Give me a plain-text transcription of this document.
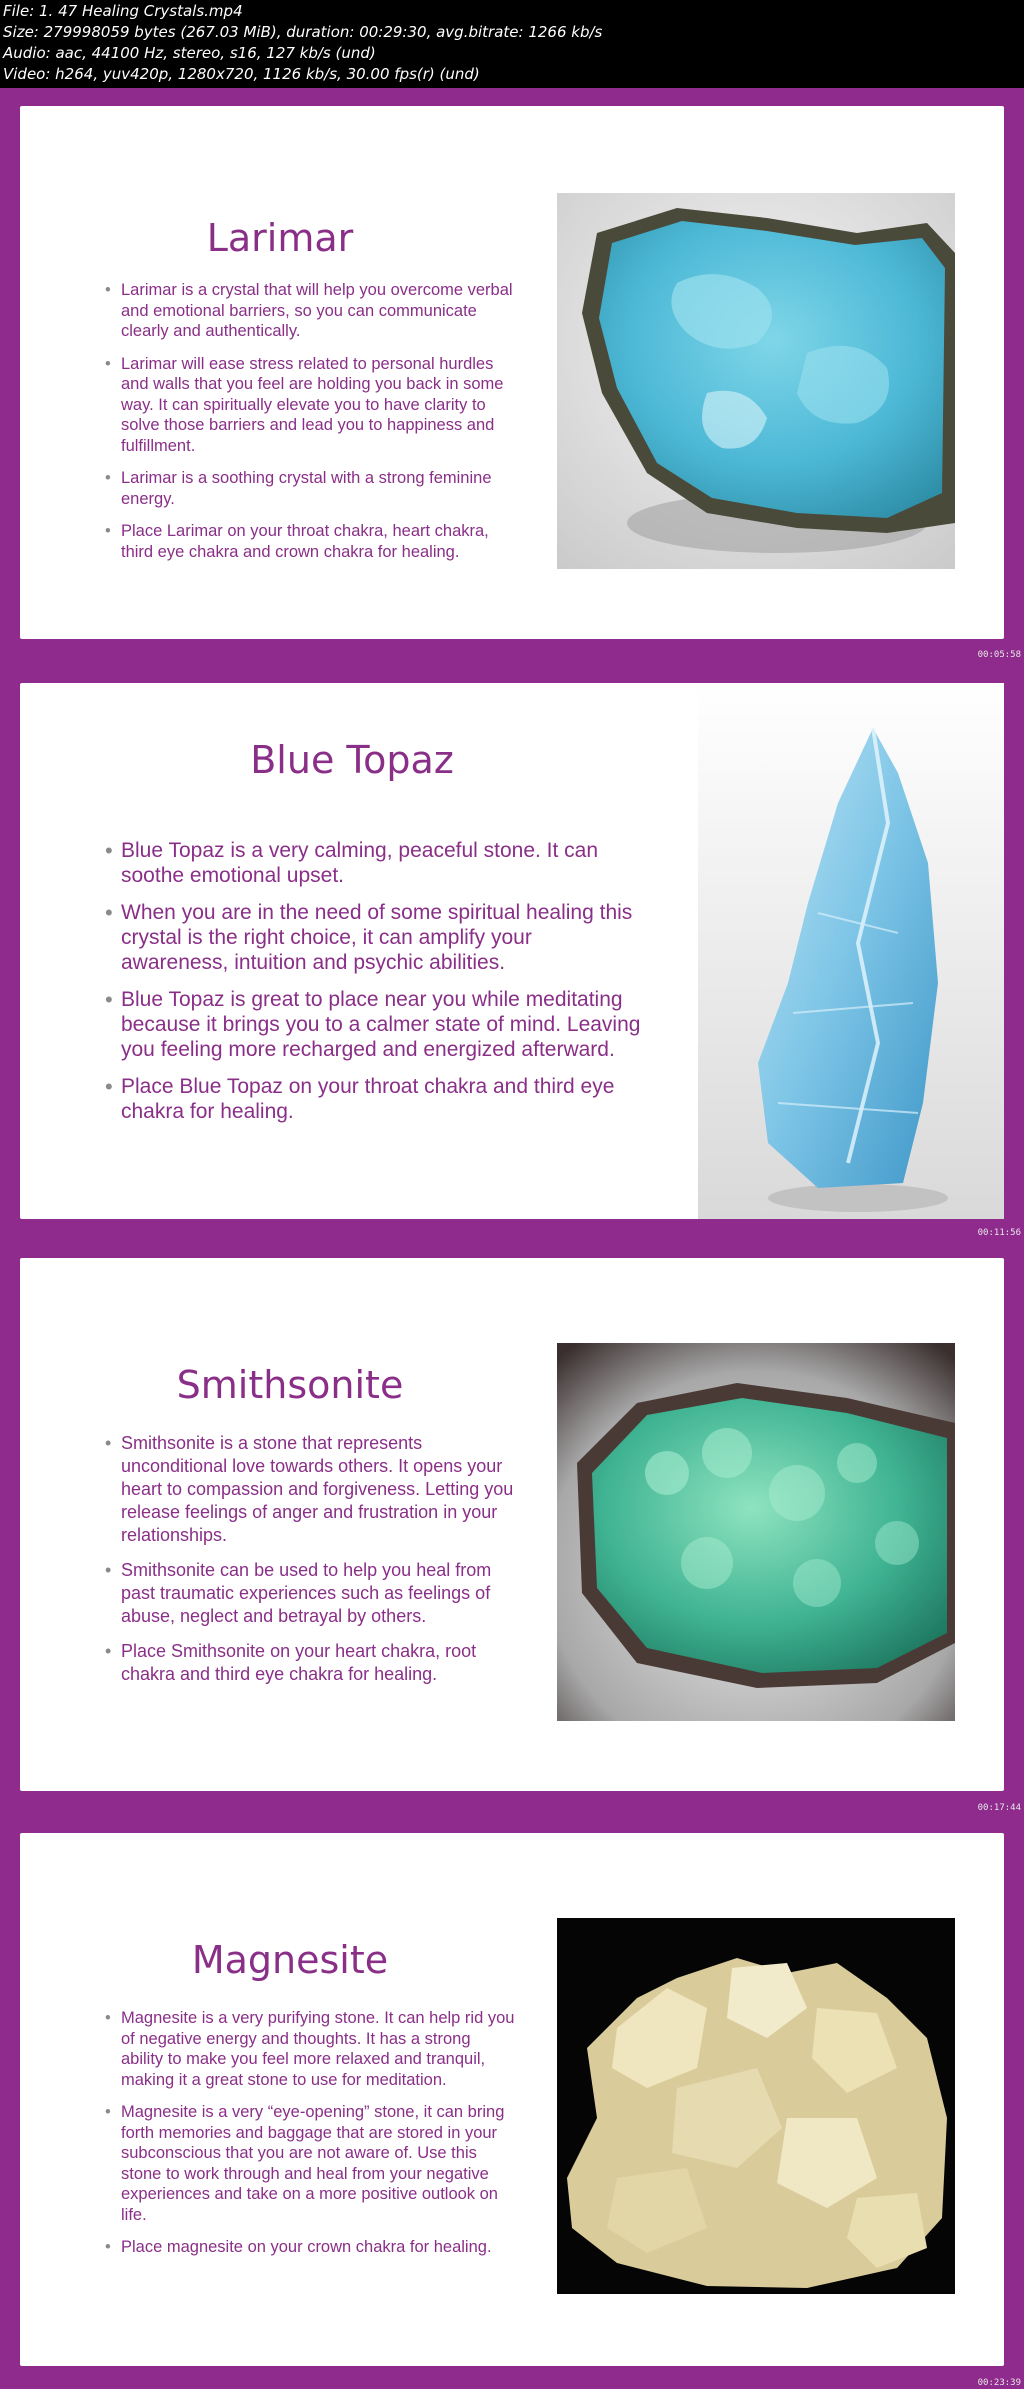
File: 1. 47 Healing Crystals.mp4
Size: 279998059 bytes (267.03 MiB), duration: 00:29:30, avg.bitrate: 1266 kb/s
Audio: aac, 44100 Hz, stereo, s16, 127 kb/s (und)
Video: h264, yuv420p, 1280x720, 1126 kb/s, 30.00 fps(r) (und)
Larimar
• Larimar is a crystal that will help you overcome verbal and emotional barriers, so you can communicate clearly and authentically.
• Larimar will ease stress related to personal hurdles and walls that you feel are holding you back in some way. It can spiritually elevate you to have clarity to solve those barriers and lead you to happiness and fulfillment.
• Larimar is a soothing crystal with a strong feminine energy.
• Place Larimar on your throat chakra, heart chakra, third eye chakra and crown chakra for healing.
00:05:58
Blue Topaz
• Blue Topaz is a very calming, peaceful stone. It can soothe emotional upset.
• When you are in the need of some spiritual healing this crystal is the right choice, it can amplify your awareness, intuition and psychic abilities.
• Blue Topaz is great to place near you while meditating because it brings you to a calmer state of mind. Leaving you feeling more recharged and energized afterward.
• Place Blue Topaz on your throat chakra and third eye chakra for healing.
00:11:56
Smithsonite
• Smithsonite is a stone that represents unconditional love towards others. It opens your heart to compassion and forgiveness. Letting you release feelings of anger and frustration in your relationships.
• Smithsonite can be used to help you heal from past traumatic experiences such as feelings of abuse, neglect and betrayal by others.
• Place Smithsonite on your heart chakra, root chakra and third eye chakra for healing.
00:17:44
Magnesite
• Magnesite is a very purifying stone. It can help rid you of negative energy and thoughts. It has a strong ability to make you feel more relaxed and tranquil, making it a great stone to use for meditation.
• Magnesite is a very “eye-opening” stone, it can bring forth memories and baggage that are stored in your subconscious that you are not aware of. Use this stone to work through and heal from your negative experiences and take on a more positive outlook on life.
• Place magnesite on your crown chakra for healing.
00:23:39
